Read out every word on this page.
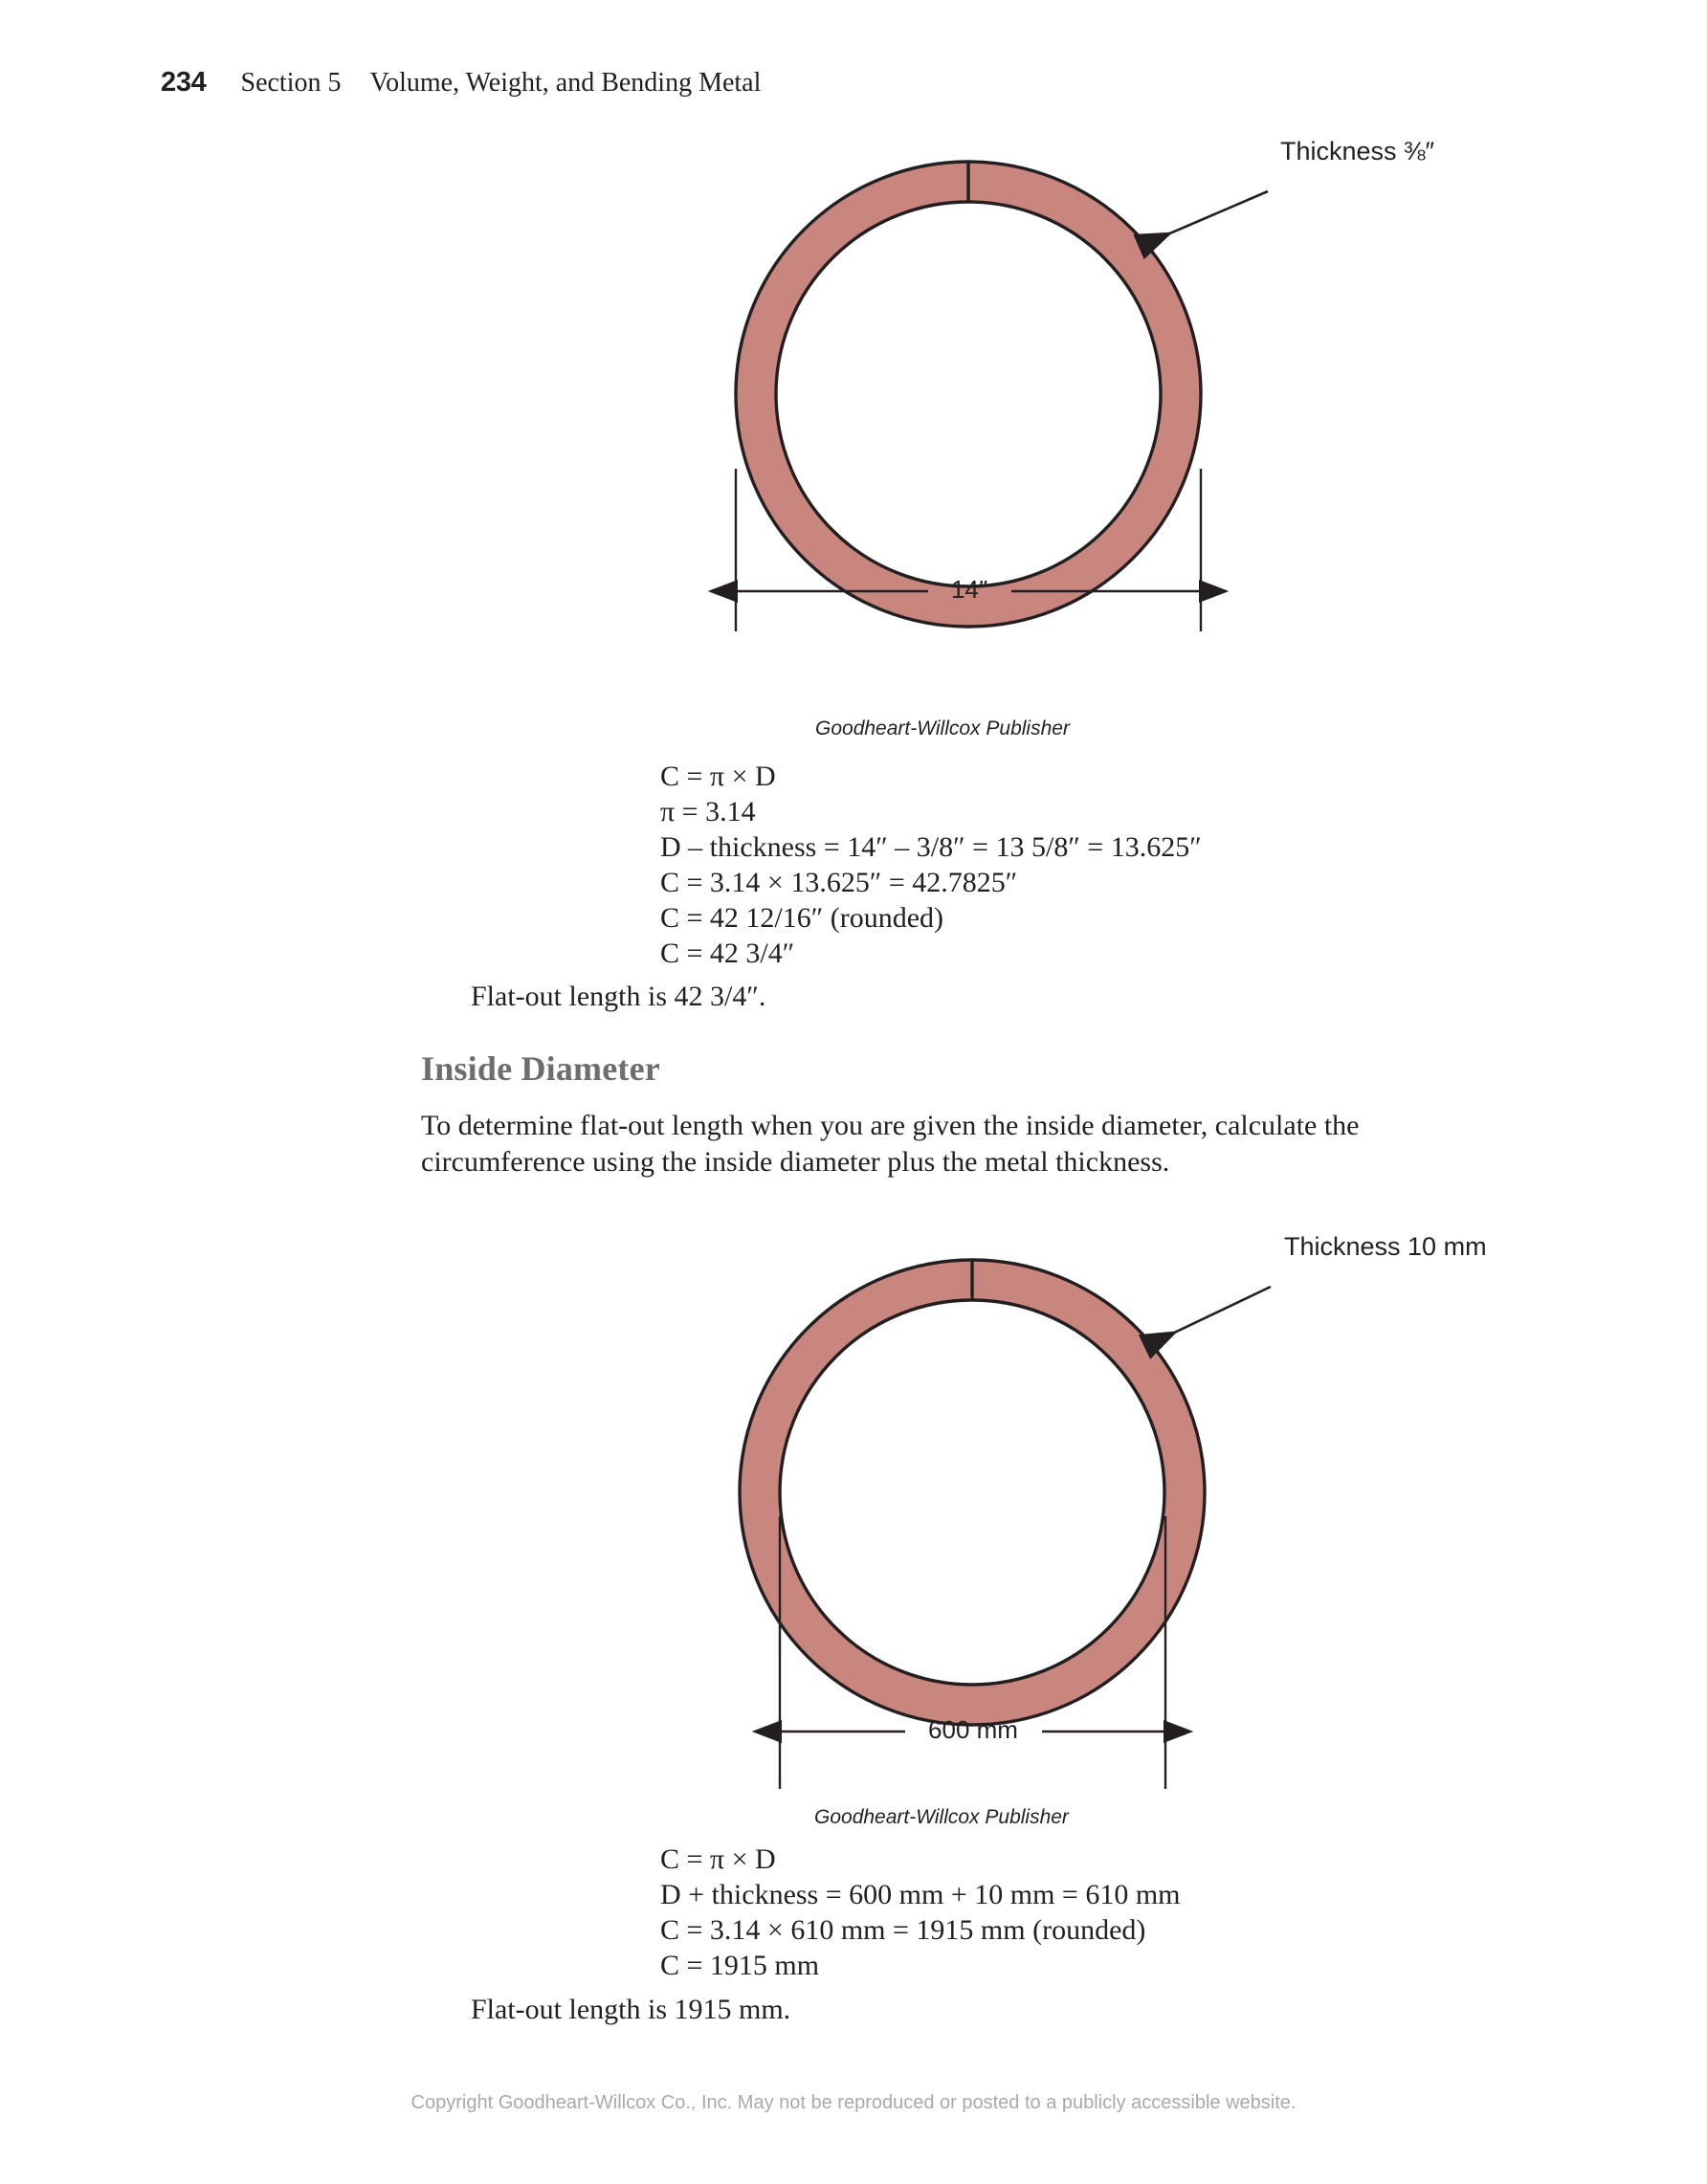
234 Section 5 Volume, Weight, and Bending Metal
Thickness ⅜″
14″
Goodheart-Willcox Publisher
C = π × D
π = 3.14
D – thickness = 14″ – 3/8″ = 13 5/8″ = 13.625″
C = 3.14 × 13.625″ = 42.7825″
C = 42 12/16″ (rounded)
C = 42 3/4″
Flat-out length is 42 3/4″.
Inside Diameter
To determine flat-out length when you are given the inside diameter, calculate the circumference using the inside diameter plus the metal thickness.
Thickness 10 mm
600 mm
Goodheart-Willcox Publisher
C = π × D
D + thickness = 600 mm + 10 mm = 610 mm
C = 3.14 × 610 mm = 1915 mm (rounded)
C = 1915 mm
Flat-out length is 1915 mm.
Copyright Goodheart-Willcox Co., Inc. May not be reproduced or posted to a publicly accessible website.
